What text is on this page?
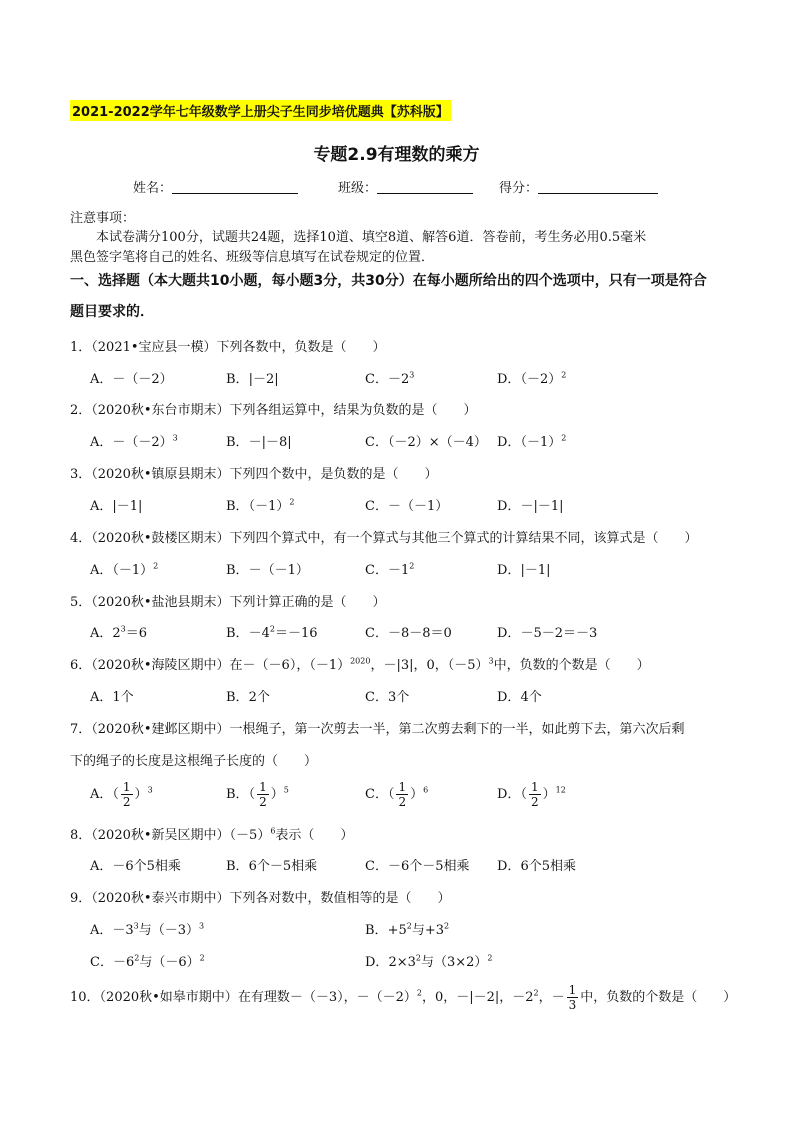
2021-2022学年七年级数学上册尖子生同步培优题典【苏科版】
专题2.9有理数的乘方
姓名：	班级：	得分：
注意事项：
本试卷满分100分，试题共24题，选择10道、填空8道、解答6道．答卷前，考生务必用0.5毫米
黑色签字笔将自己的姓名、班级等信息填写在试卷规定的位置．
一、选择题（本大题共10小题，每小题3分，共30分）在每小题所给出的四个选项中，只有一项是符合
题目要求的．
1．（2021•宝应县一模）下列各数中，负数是（　　）
A．－（－2）	B．|－2|	C．$-2^3$	D．$(-2)^2$
2．（2020秋•东台市期末）下列各组运算中，结果为负数的是（　　）
A．$-(-2)^3$	B．－|－8|	C．（－2）×（－4） D．$(-1)^2$
3．（2020秋•镇原县期末）下列四个数中，是负数的是（　　）
A．|－1|	B．$(-1)^2$	C．－（－1）	D．－|－1|
4．（2020秋•鼓楼区期末）下列四个算式中，有一个算式与其他三个算式的计算结果不同，该算式是（　　）
A．$(-1)^2$	B．－（－1）	C．$-1^2$	D．|－1|
5．（2020秋•盐池县期末）下列计算正确的是（　　）
A．$2^3=6$	B．$-4^2=-16$	C．－8－8＝0	D．－5－2＝－3
6．（2020秋•海陵区期中）在－（－6），$(-1)^{2020}$，－|3|，0，$(-5)^3$中，负数的个数是（　　）
A．1个	B．2个	C．3个	D．4个
7．（2020秋•建邺区期中）一根绳子，第一次剪去一半，第二次剪去剩下的一半，如此剪下去，第六次后剩
下的绳子的长度是这根绳子长度的（　　）
A．（ $\frac{1}{2} )^3$	B．（ $\frac{1}{2} )^5$	C．（ $\frac{1}{2} )^6$	D．（ $\frac{1}{2} )^{12}$
8．（2020秋•新吴区期中）$(-5)^6$表示（　　）
A．－6个5相乘	B．6个－5相乘	C．－6个－5相乘 D．6个5相乘
9．（2020秋•泰兴市期中）下列各对数中，数值相等的是（　　）
A．$-3^3$与$(-3)^3$	B．$+5^2$与$+3^2$
C．$-6^2$与$(-6)^2$	D．$2\times 3^2$与$(3\times 2)^2$
10．（2020秋•如皋市期中）在有理数－（－3），$-(-2)^2$，0，－|－2|，$-2^2$，－ $\frac{1}{3}$ 中，负数的个数是（　　）
